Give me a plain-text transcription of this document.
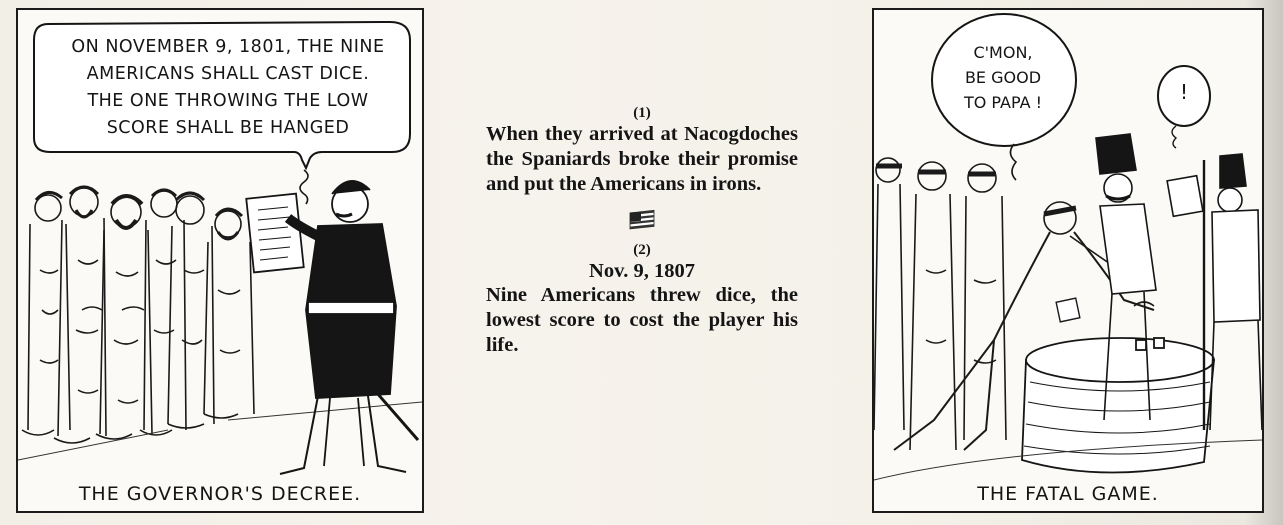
ON NOVEMBER 9, 1801, THE NINE
AMERICANS SHALL CAST DICE.
THE ONE THROWING THE LOW
SCORE SHALL BE HANGED
THE GOVERNOR'S DECREE.
(1)
When they arrived at Nacogdoches the Spaniards broke their promise and put the Americans in irons.
(2)
Nov. 9, 1807
Nine Americans threw dice, the lowest score to cost the player his life.
C'MON,
BE GOOD
TO PAPA !	!
THE FATAL GAME.
